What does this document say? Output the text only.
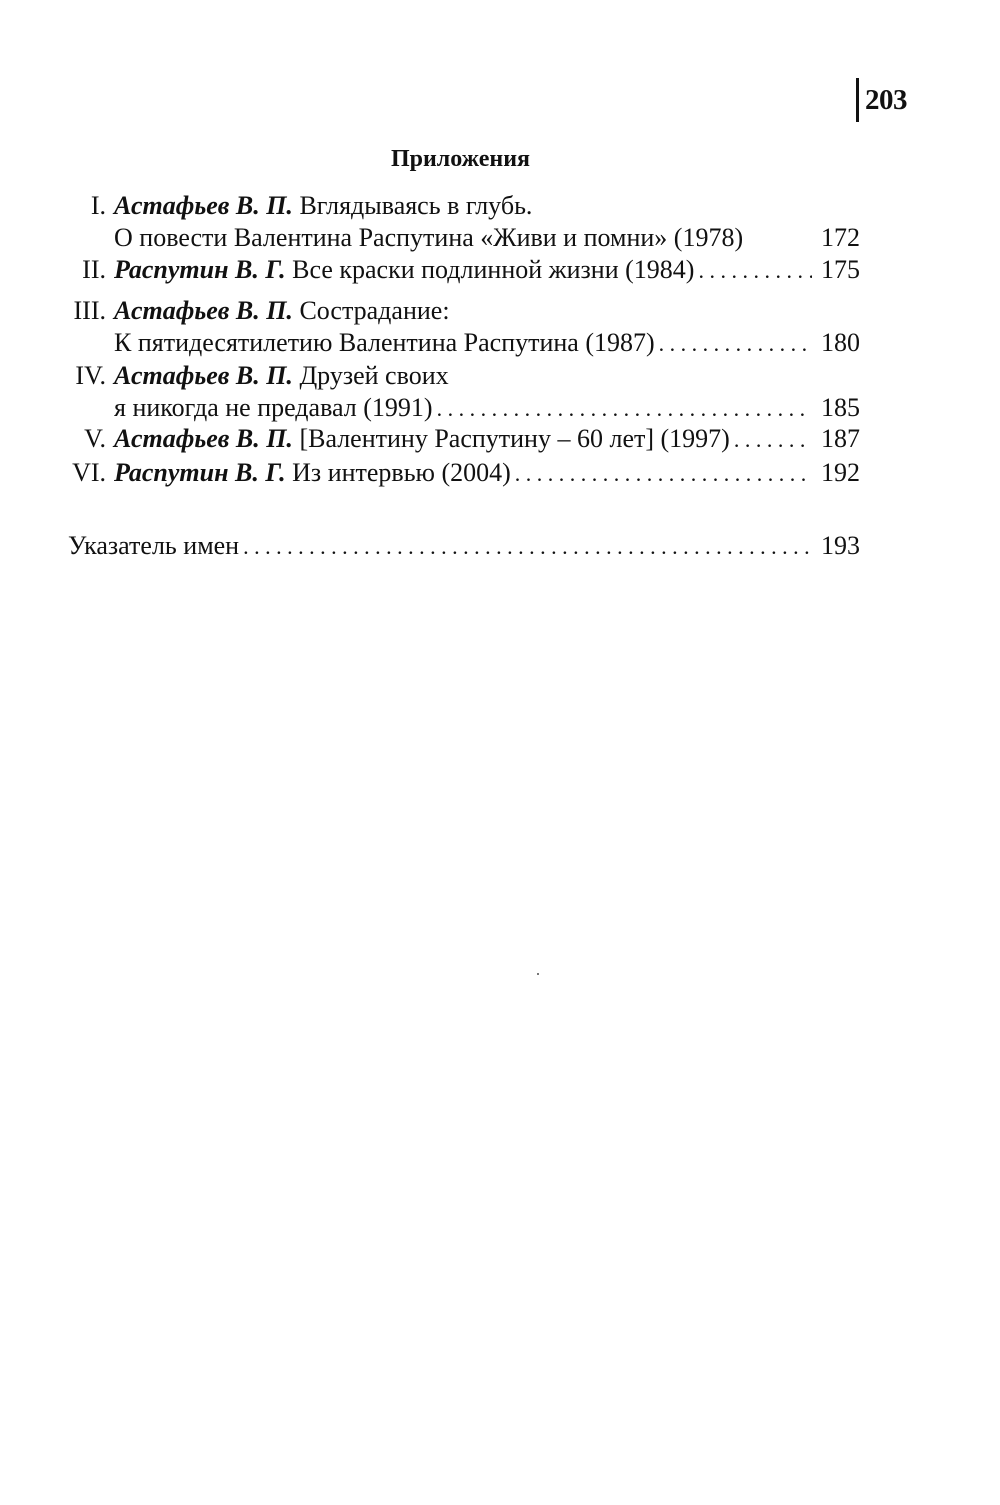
203
Приложения
I. Астафьев В. П.
Вглядываясь в глубь.
О повести Валентина Распутина «Живи и помни» (1978)	172
II. Распутин В. Г.
Все краски подлинной жизни (1984) . . .	175
III. Астафьев В. П.
Сострадание:
К пятидесятилетию Валентина Распутина (1987) . . .	180
IV. Астафьев В. П.
Друзей своих
я никогда не предавал (1991) . . .	185
V. Астафьев В. П.
[Валентину Распутину – 60 лет] (1997) . . .	187
VI. Распутин В. Г.
Из интервью (2004) . . .	192
Указатель имен . . .	193
